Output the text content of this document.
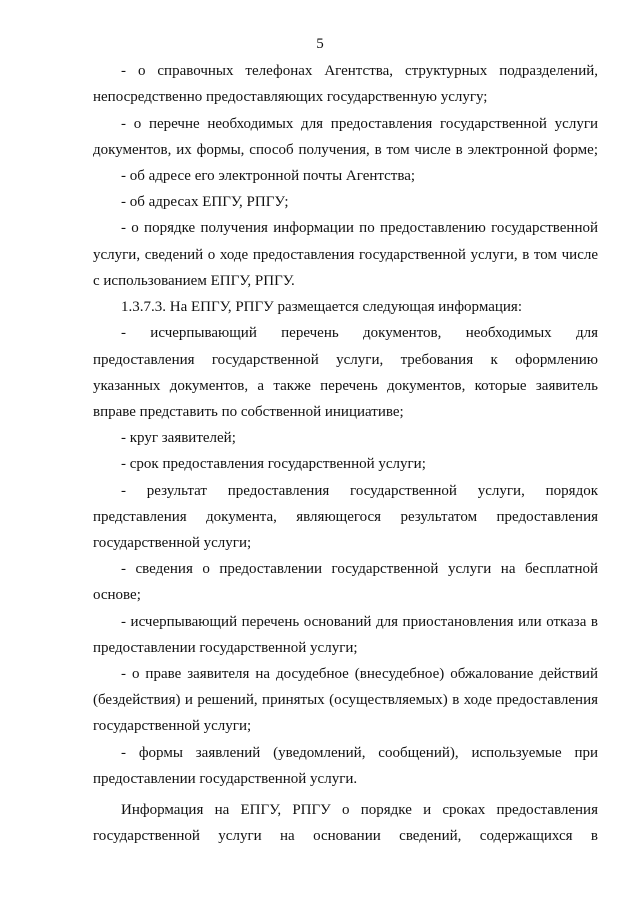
5
- о справочных телефонах Агентства, структурных подразделений,
непосредственно предоставляющих государственную услугу;
- о перечне необходимых для предоставления государственной услуги
документов, их формы, способ получения, в том числе в электронной форме;
- об адресе его электронной почты Агентства;
- об адресах ЕПГУ, РПГУ;
- о порядке получения информации по предоставлению государственной
услуги, сведений о ходе предоставления государственной услуги, в том числе
с использованием ЕПГУ, РПГУ.
1.3.7.3. На ЕПГУ, РПГУ размещается следующая информация:
- исчерпывающий перечень документов, необходимых для
предоставления государственной услуги, требования к оформлению
указанных документов, а также перечень документов, которые заявитель
вправе представить по собственной инициативе;
- круг заявителей;
- срок предоставления государственной услуги;
- результат предоставления государственной услуги, порядок
представления документа, являющегося результатом предоставления
государственной услуги;
- сведения о предоставлении государственной услуги на бесплатной
основе;
- исчерпывающий перечень оснований для приостановления или отказа в
предоставлении государственной услуги;
- о праве заявителя на досудебное (внесудебное) обжалование действий
(бездействия) и решений, принятых (осуществляемых) в ходе предоставления
государственной услуги;
- формы заявлений (уведомлений, сообщений), используемые при
предоставлении государственной услуги.
Информация на ЕПГУ, РПГУ о порядке и сроках предоставления
государственной услуги на основании сведений, содержащихся в
